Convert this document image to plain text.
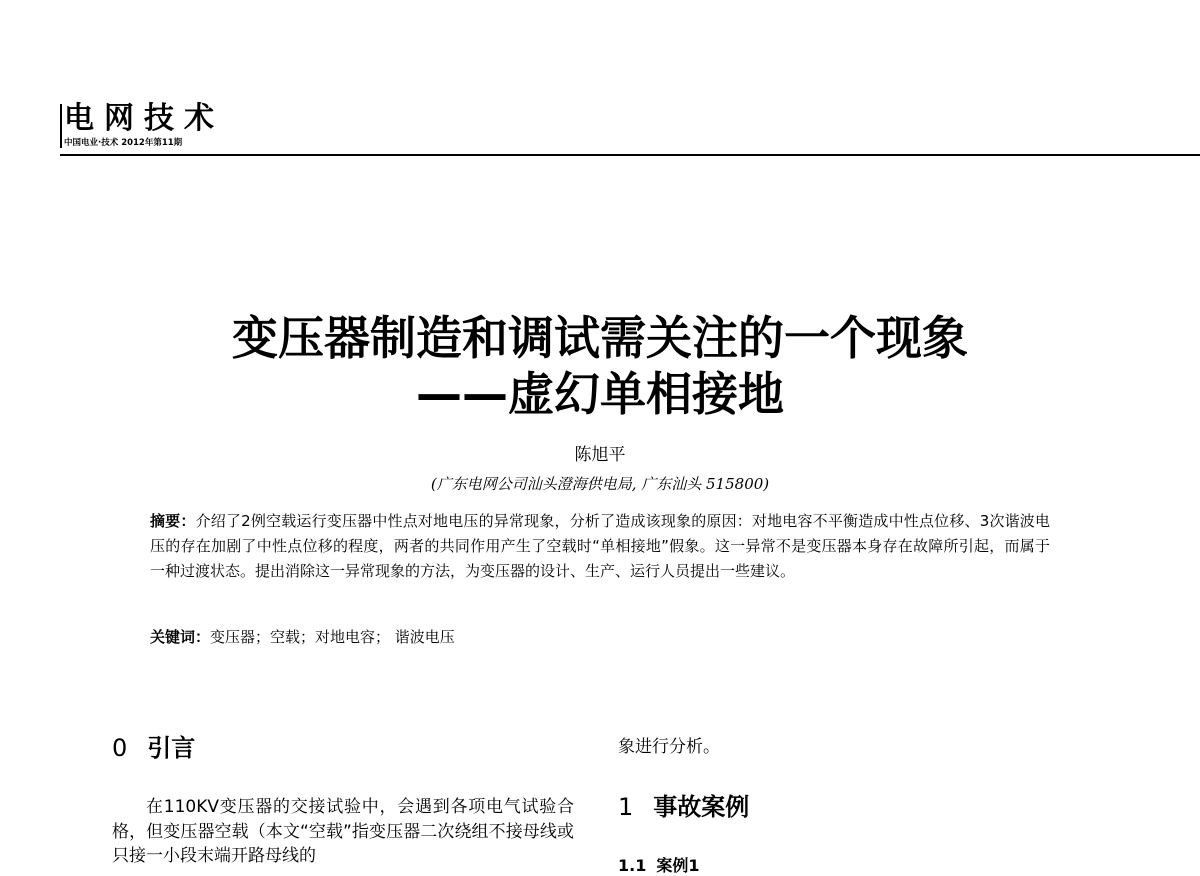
电网技术
中国电业·技术 2012年第11期
变压器制造和调试需关注的一个现象
——虚幻单相接地
陈旭平
(广东电网公司汕头澄海供电局, 广东汕头 515800)

摘要：介绍了2例空载运行变压器中性点对地电压的异常现象，分析了造成该现象的原因：对地电容不平衡造成中性点位移、3次谐波电压的存在加剧了中性点位移的程度，两者的共同作用产生了空载时“单相接地”假象。这一异常不是变压器本身存在故障所引起，而属于一种过渡状态。提出消除这一异常现象的方法，为变压器的设计、生产、运行人员提出一些建议。

关键词：变压器；空载；对地电容； 谐波电压
0 引言

在110KV变压器的交接试验中，会遇到各项电气试验合格，但变压器空载（本文“空载”指变压器二次绕组不接母线或只接一小段末端开路母线的

象进行分析。
1 事故案例
1.1 案例1
